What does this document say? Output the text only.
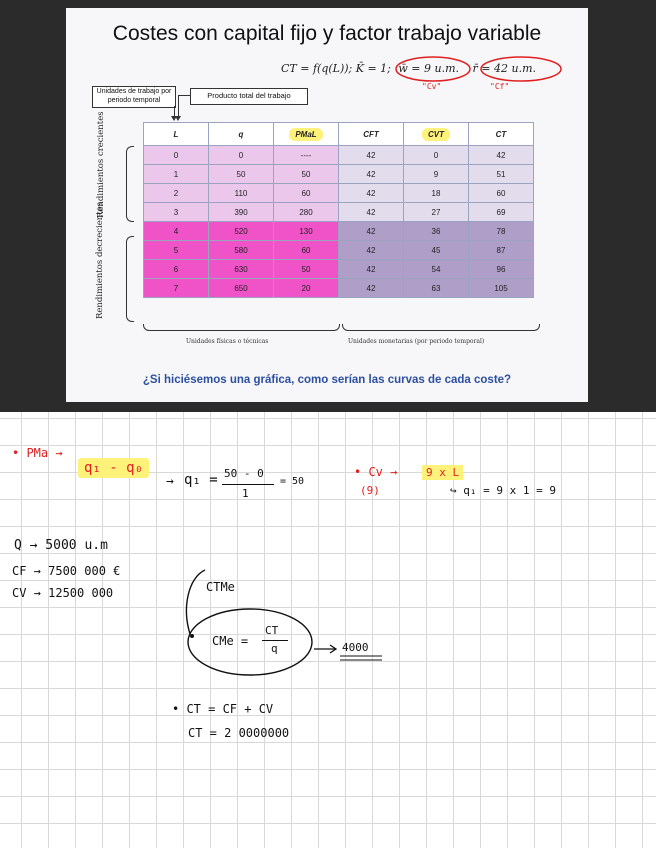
Costes con capital fijo y factor trabajo variable
CT = f(q(L)); K̄ = 1; w̄ = 9 u.m. r̄ = 42 u.m.
"Cv"	"Cf"
Unidades de trabajo por periodo temporal
Producto total del trabajo
L	q	PMaL	CFT	CVT	CT
0	0	----	42	0	42
1	50	50	42	9	51
2	110	60	42	18	60
3	390	280	42	27	69
4	520	130	42	36	78
5	580	60	42	45	87
6	630	50	42	54	96
7	650	20	42	63	105
Rendimientos crecientes
Rendimientos decrecientes
Unidades físicas o técnicas	Unidades monetarias (por periodo temporal)
¿Si hiciésemos una gráfica, como serían las curvas de cada coste?
• PMa →
q₁ - q₀
→ q₁ = 50 - 0
1
= 50
• Cv →	9 x L
(9)	↪ q₁ = 9 x 1 = 9
Q → 5000 u.m
CF → 7500 000 €
CV → 12500 000	CTMe
CMe =
CT
q	4000
• CT = CF + CV
CT = 2 0000000
